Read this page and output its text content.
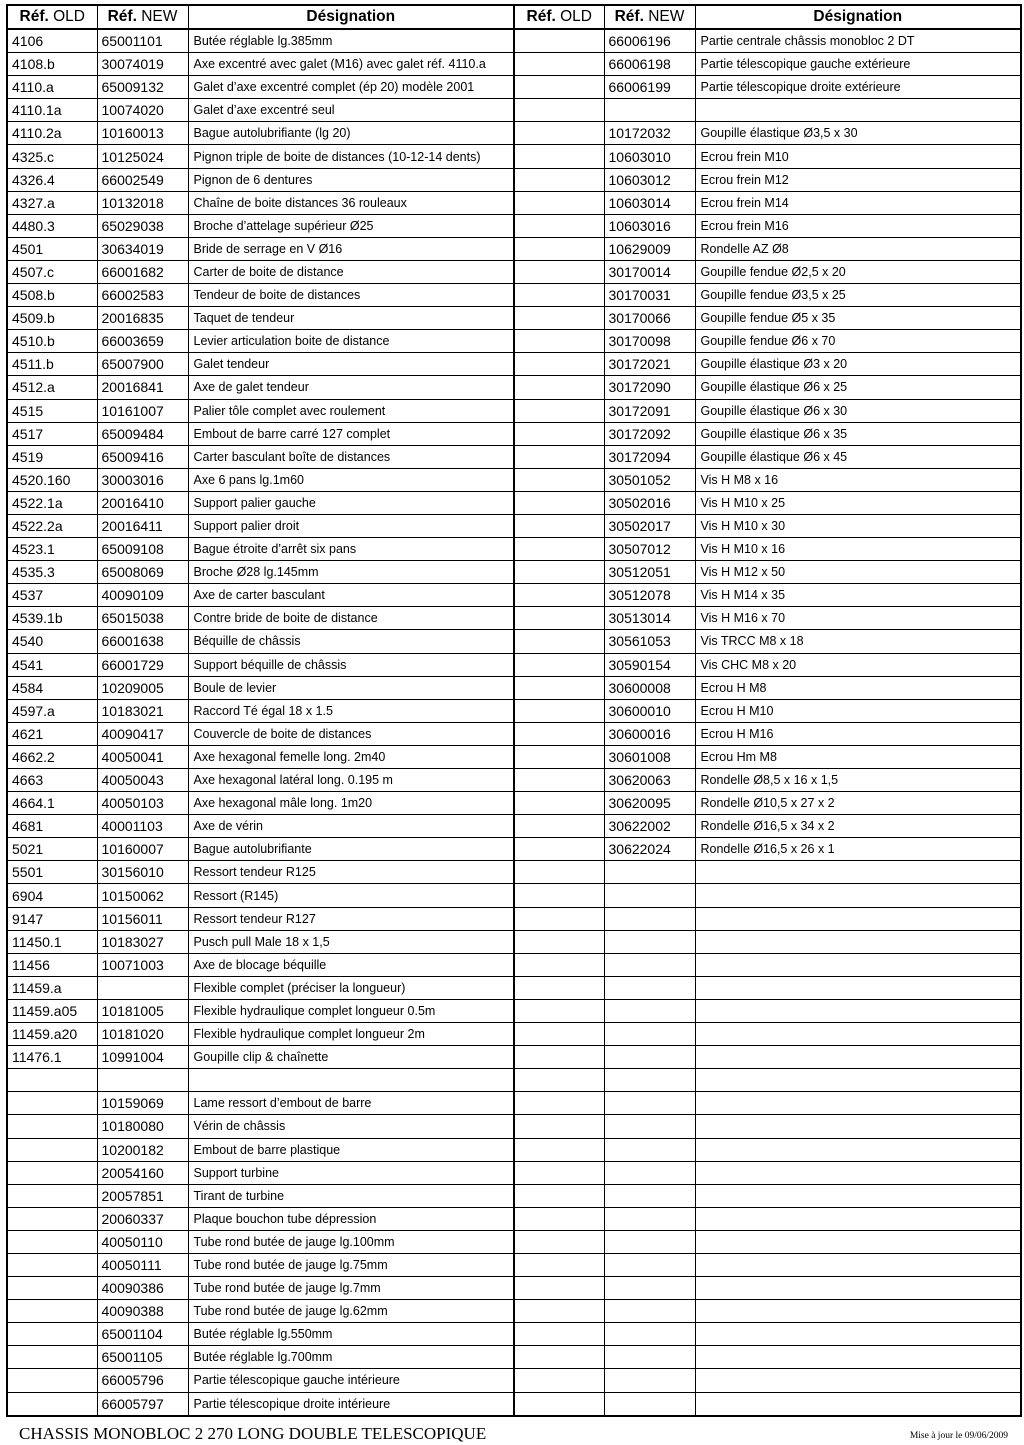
Réf. OLD	Réf. NEW	Désignation	Réf. OLD	Réf. NEW	Désignation
4106	65001101	Butée réglable lg.385mm		66006196	Partie centrale châssis monobloc 2 DT
4108.b	30074019	Axe excentré avec galet (M16) avec galet réf. 4110.a		66006198	Partie télescopique gauche extérieure
4110.a	65009132	Galet d’axe excentré complet (ép 20) modèle 2001		66006199	Partie télescopique droite extérieure
4110.1a	10074020	Galet d’axe excentré seul			
4110.2a	10160013	Bague autolubrifiante (lg 20)		10172032	Goupille élastique Ø3,5 x 30
4325.c	10125024	Pignon triple de boite de distances (10-12-14 dents)		10603010	Ecrou frein M10
4326.4	66002549	Pignon de 6 dentures		10603012	Ecrou frein M12
4327.a	10132018	Chaîne de boite distances 36 rouleaux		10603014	Ecrou frein M14
4480.3	65029038	Broche d’attelage supérieur Ø25		10603016	Ecrou frein M16
4501	30634019	Bride de serrage en V Ø16		10629009	Rondelle AZ Ø8
4507.c	66001682	Carter de boite de distance		30170014	Goupille fendue Ø2,5 x 20
4508.b	66002583	Tendeur de boite de distances		30170031	Goupille fendue Ø3,5 x 25
4509.b	20016835	Taquet de tendeur		30170066	Goupille fendue Ø5 x 35
4510.b	66003659	Levier articulation boite de distance		30170098	Goupille fendue Ø6 x 70
4511.b	65007900	Galet tendeur		30172021	Goupille élastique Ø3 x 20
4512.a	20016841	Axe de galet tendeur		30172090	Goupille élastique Ø6 x 25
4515	10161007	Palier tôle complet avec roulement		30172091	Goupille élastique Ø6 x 30
4517	65009484	Embout de barre carré 127 complet		30172092	Goupille élastique Ø6 x 35
4519	65009416	Carter basculant boîte de distances		30172094	Goupille élastique Ø6 x 45
4520.160	30003016	Axe 6 pans lg.1m60		30501052	Vis H M8 x 16
4522.1a	20016410	Support palier gauche		30502016	Vis H M10 x 25
4522.2a	20016411	Support palier droit		30502017	Vis H M10 x 30
4523.1	65009108	Bague étroite d’arrêt six pans		30507012	Vis H M10 x 16
4535.3	65008069	Broche Ø28 lg.145mm		30512051	Vis H M12 x 50
4537	40090109	Axe de carter basculant		30512078	Vis H M14 x 35
4539.1b	65015038	Contre bride de boite de distance		30513014	Vis H M16 x 70
4540	66001638	Béquille de châssis		30561053	Vis TRCC M8 x 18
4541	66001729	Support béquille de châssis		30590154	Vis CHC M8 x 20
4584	10209005	Boule de levier		30600008	Ecrou H M8
4597.a	10183021	Raccord Té égal 18 x 1.5		30600010	Ecrou H M10
4621	40090417	Couvercle de boite de distances		30600016	Ecrou H M16
4662.2	40050041	Axe hexagonal femelle long. 2m40		30601008	Ecrou Hm M8
4663	40050043	Axe hexagonal latéral long. 0.195 m		30620063	Rondelle Ø8,5 x 16 x 1,5
4664.1	40050103	Axe hexagonal mâle long. 1m20		30620095	Rondelle Ø10,5 x 27 x 2
4681	40001103	Axe de vérin		30622002	Rondelle Ø16,5 x 34 x 2
5021	10160007	Bague autolubrifiante		30622024	Rondelle Ø16,5 x 26 x 1
5501	30156010	Ressort tendeur R125			
6904	10150062	Ressort (R145)			
9147	10156011	Ressort tendeur R127			
11450.1	10183027	Pusch pull Male 18 x 1,5			
11456	10071003	Axe de blocage béquille			
11459.a		Flexible complet (préciser la longueur)			
11459.a05	10181005	Flexible hydraulique complet longueur 0.5m			
11459.a20	10181020	Flexible hydraulique complet longueur 2m			
11476.1	10991004	Goupille clip & chaînette			

	10159069	Lame ressort d’embout de barre			
	10180080	Vérin de châssis			
	10200182	Embout de barre plastique			
	20054160	Support turbine			
	20057851	Tirant de turbine			
	20060337	Plaque bouchon tube dépression			
	40050110	Tube rond butée de jauge lg.100mm			
	40050111	Tube rond butée de jauge lg.75mm			
	40090386	Tube rond butée de jauge lg.7mm			
	40090388	Tube rond butée de jauge lg.62mm			
	65001104	Butée réglable lg.550mm			
	65001105	Butée réglable lg.700mm			
	66005796	Partie télescopique gauche intérieure			
	66005797	Partie télescopique droite intérieure			
CHASSIS MONOBLOC 2 270 LONG DOUBLE TELESCOPIQUE	Mise à jour le 09/06/2009
